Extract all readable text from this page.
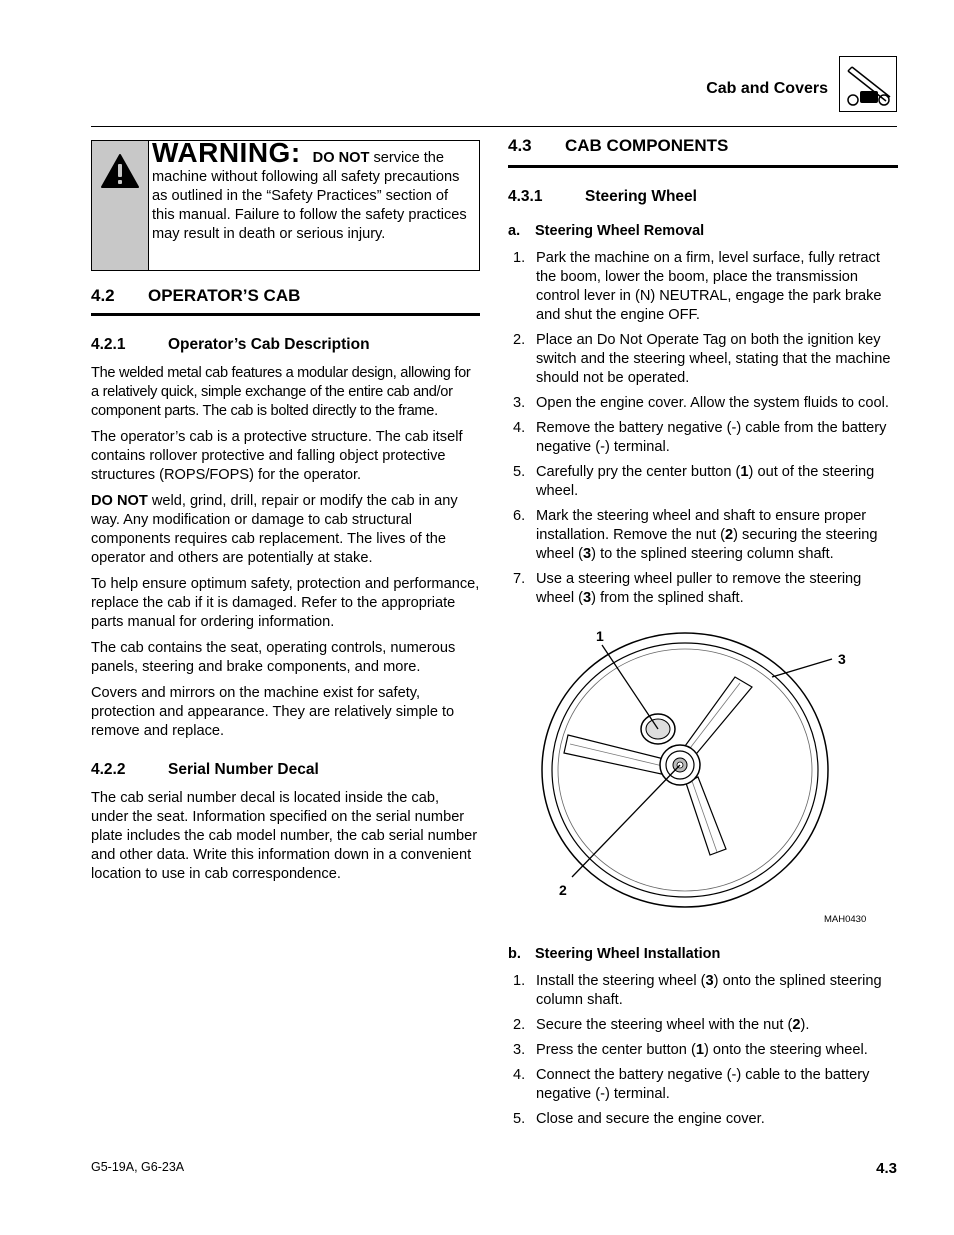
Cab and Covers
WARNING: DO NOT service the machine without following all safety precautions as outlined in the “Safety Practices” section of this manual. Failure to follow the safety practices may result in death or serious injury.
4.2 OPERATOR’S CAB
4.2.1	Operator’s Cab Description

The welded metal cab features a modular design, allowing for a relatively quick, simple exchange of the entire cab and/or component parts. The cab is bolted directly to the frame.

The operator’s cab is a protective structure. The cab itself contains rollover protective and falling object protective structures (ROPS/FOPS) for the operator.

DO NOT weld, grind, drill, repair or modify the cab in any way. Any modification or damage to cab structural components requires cab replacement. The lives of the operator and others are potentially at stake.

To help ensure optimum safety, protection and performance, replace the cab if it is damaged. Refer to the appropriate parts manual for ordering information.

The cab contains the seat, operating controls, numerous panels, steering and brake components, and more.

Covers and mirrors on the machine exist for safety, protection and appearance. They are relatively simple to remove and replace.

4.2.2	Serial Number Decal

The cab serial number decal is located inside the cab, under the seat. Information specified on the serial number plate includes the cab model number, the cab serial number and other data. Write this information down in a convenient location to use in cab correspondence.

4.3 CAB COMPONENTS
4.3.1	Steering Wheel
a. Steering Wheel Removal
1. Park the machine on a firm, level surface, fully retract the boom, lower the boom, place the transmission control lever in (N) NEUTRAL, engage the park brake and shut the engine OFF.
2. Place an Do Not Operate Tag on both the ignition key switch and the steering wheel, stating that the machine should not be operated.
3. Open the engine cover. Allow the system fluids to cool.
4. Remove the battery negative (-) cable from the battery negative (-) terminal.
5. Carefully pry the center button (1) out of the steering wheel.
6. Mark the steering wheel and shaft to ensure proper installation. Remove the nut (2) securing the steering wheel (3) to the splined steering column shaft.
7. Use a steering wheel puller to remove the steering wheel (3) from the splined shaft.
1
3
2
MAH0430
b. Steering Wheel Installation
1. Install the steering wheel (3) onto the splined steering column shaft.
2. Secure the steering wheel with the nut (2).
3. Press the center button (1) onto the steering wheel.
4. Connect the battery negative (-) cable to the battery negative (-) terminal.
5. Close and secure the engine cover.
G5-19A, G6-23A	4.3
